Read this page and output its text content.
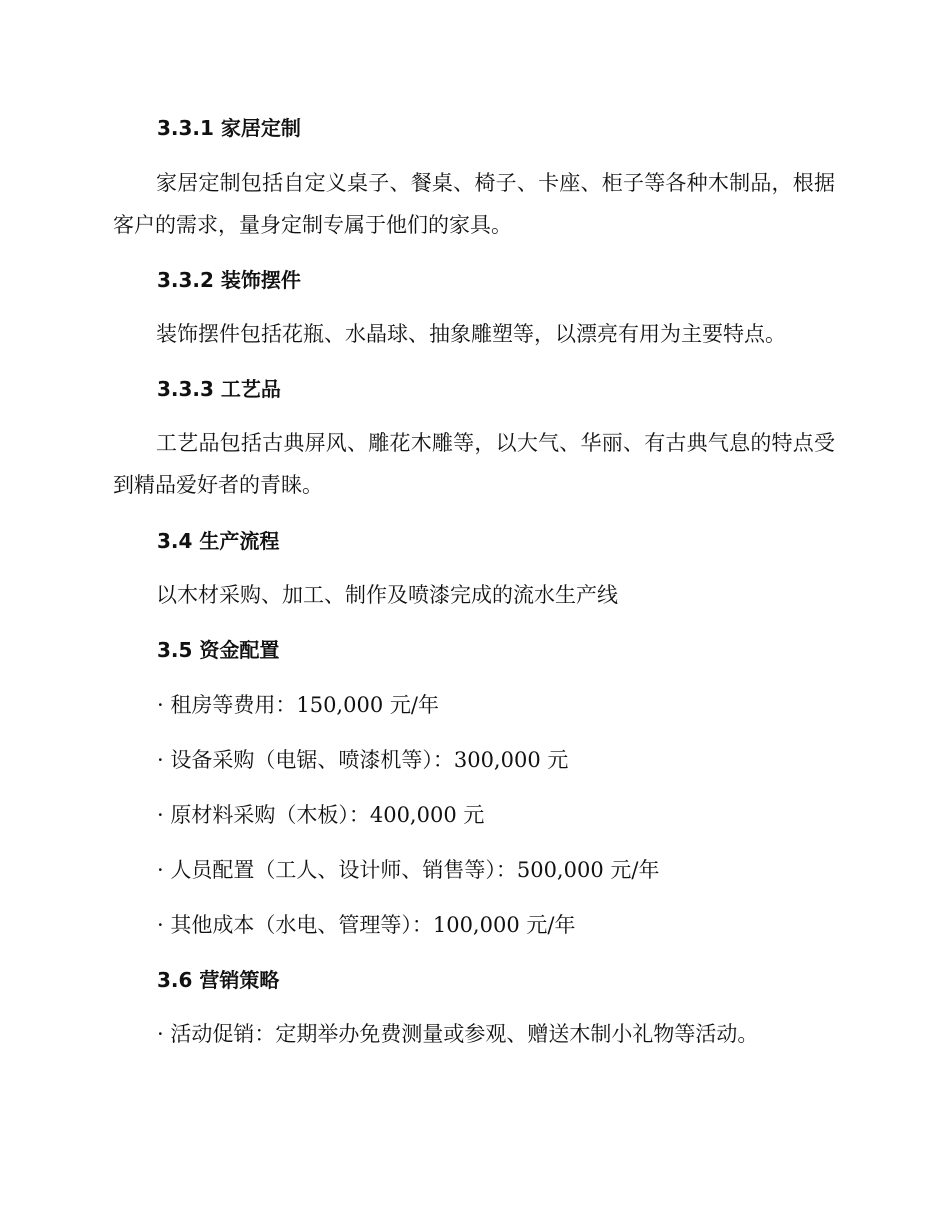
3.3.1 家居定制
家居定制包括自定义桌子、餐桌、椅子、卡座、柜子等各种木制品，根据客户的需求，量身定制专属于他们的家具。
3.3.2 装饰摆件
装饰摆件包括花瓶、水晶球、抽象雕塑等，以漂亮有用为主要特点。
3.3.3 工艺品
工艺品包括古典屏风、雕花木雕等，以大气、华丽、有古典气息的特点受到精品爱好者的青睐。
3.4 生产流程
以木材采购、加工、制作及喷漆完成的流水生产线
3.5 资金配置
· 租房等费用：150,000 元/年
· 设备采购（电锯、喷漆机等）：300,000 元
· 原材料采购（木板）：400,000 元
· 人员配置（工人、设计师、销售等）：500,000 元/年
· 其他成本（水电、管理等）：100,000 元/年
3.6 营销策略
· 活动促销：定期举办免费测量或参观、赠送木制小礼物等活动。
